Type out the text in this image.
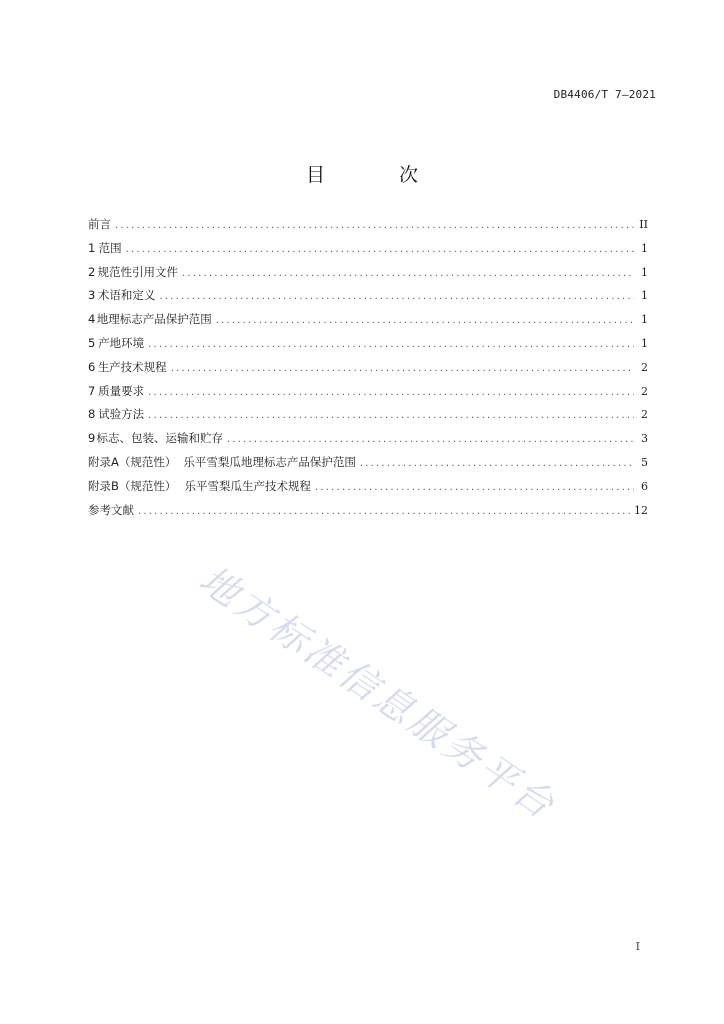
DB4406/T 7—2021
目 次
前言 .....	II
1 范围 .....	1
2 规范性引用文件 .....	1
3 术语和定义 .....	1
4 地理标志产品保护范围 .....	1
5 产地环境 .....	1
6 生产技术规程 .....	2
7 质量要求 .....	2
8 试验方法 .....	2
9 标志、包装、运输和贮存 .....	3
附录A（规范性） 乐平雪梨瓜地理标志产品保护范围 .....	5
附录B（规范性） 乐平雪梨瓜生产技术规程 .....	6
参考文献 .....	12
地方标准信息服务平台
I
